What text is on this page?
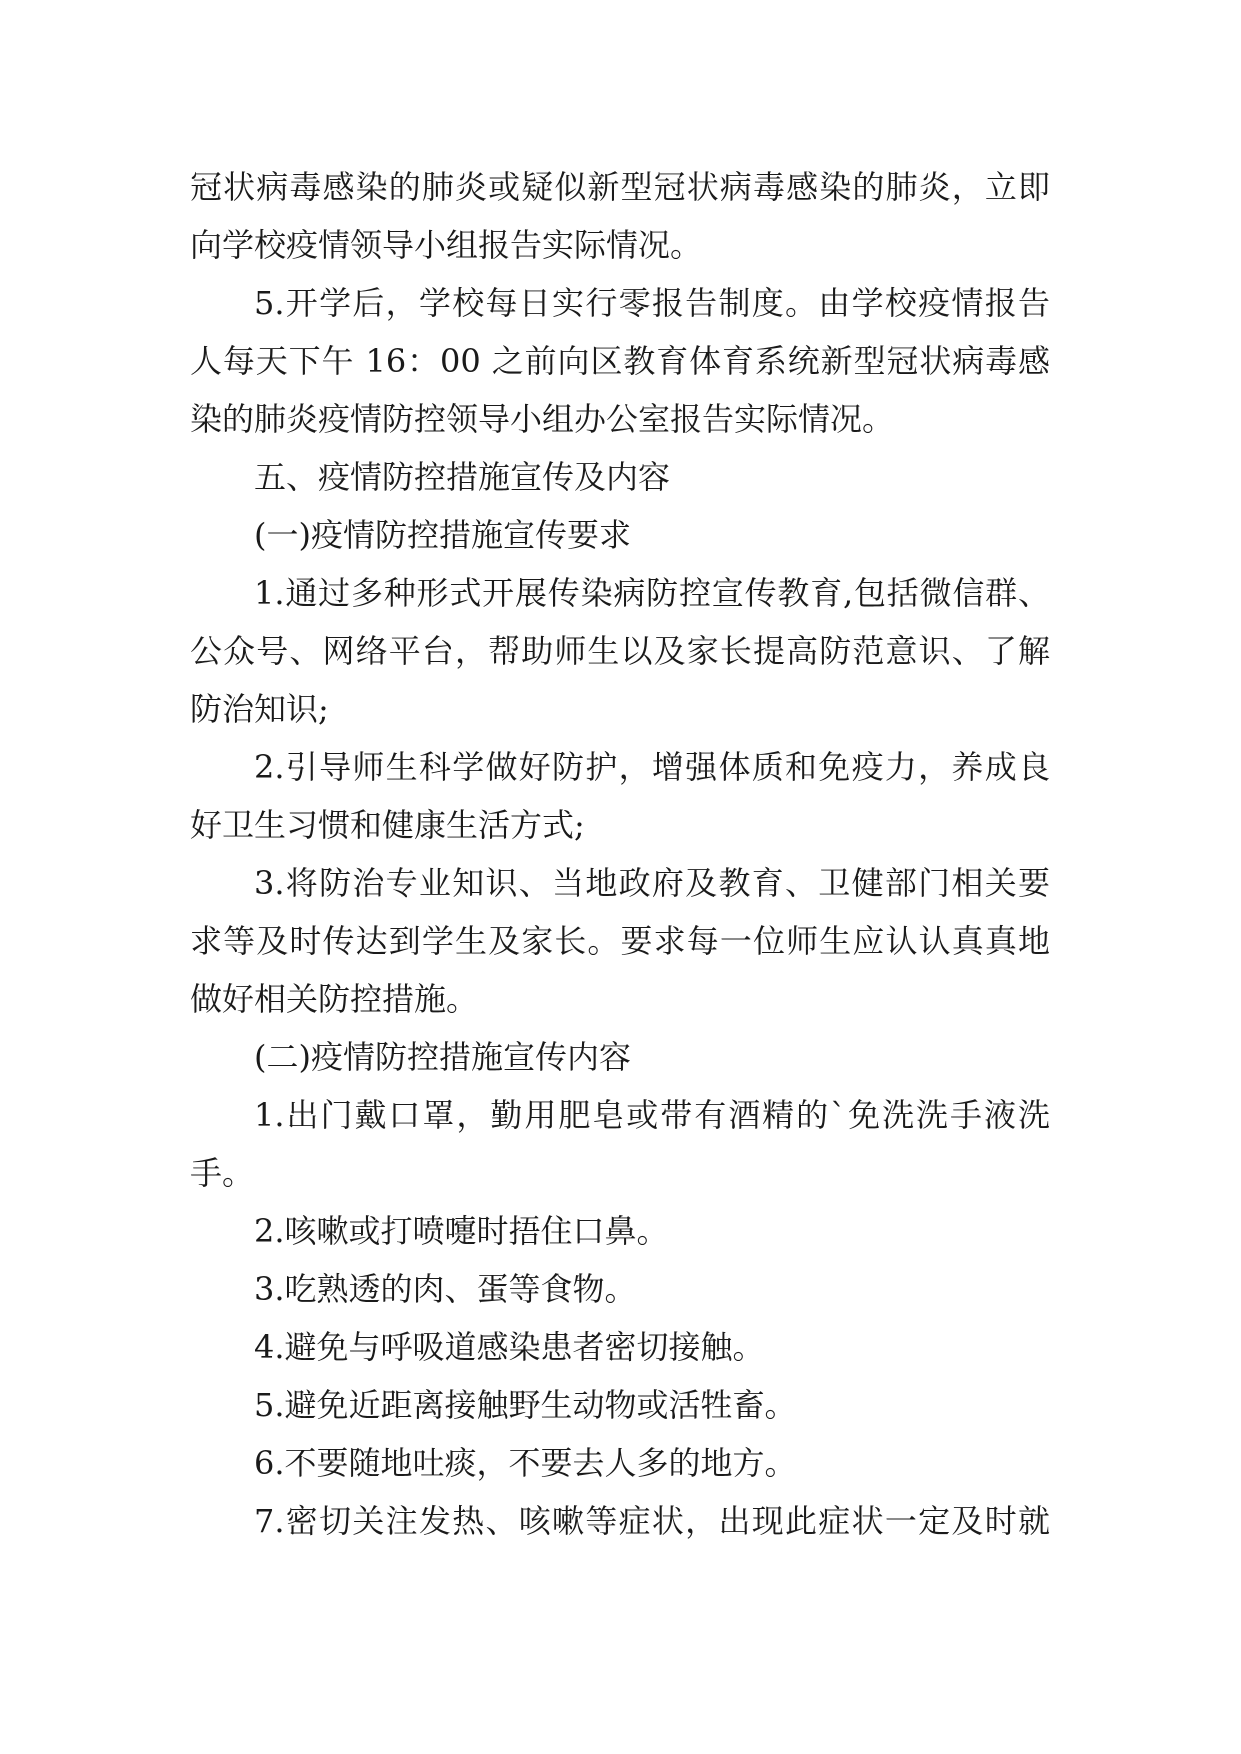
冠状病毒感染的肺炎或疑似新型冠状病毒感染的肺炎，立即
向学校疫情领导小组报告实际情况。
5.开学后，学校每日实行零报告制度。由学校疫情报告
人每天下午 16：00 之前向区教育体育系统新型冠状病毒感
染的肺炎疫情防控领导小组办公室报告实际情况。
五、疫情防控措施宣传及内容
(一)疫情防控措施宣传要求
1.通过多种形式开展传染病防控宣传教育,包括微信群、
公众号、网络平台，帮助师生以及家长提高防范意识、了解
防治知识;
2.引导师生科学做好防护，增强体质和免疫力，养成良
好卫生习惯和健康生活方式;
3.将防治专业知识、当地政府及教育、卫健部门相关要
求等及时传达到学生及家长。要求每一位师生应认认真真地
做好相关防控措施。
(二)疫情防控措施宣传内容
1.出门戴口罩，勤用肥皂或带有酒精的`免洗洗手液洗
手。
2.咳嗽或打喷嚏时捂住口鼻。
3.吃熟透的肉、蛋等食物。
4.避免与呼吸道感染患者密切接触。
5.避免近距离接触野生动物或活牲畜。
6.不要随地吐痰，不要去人多的地方。
7.密切关注发热、咳嗽等症状，出现此症状一定及时就
